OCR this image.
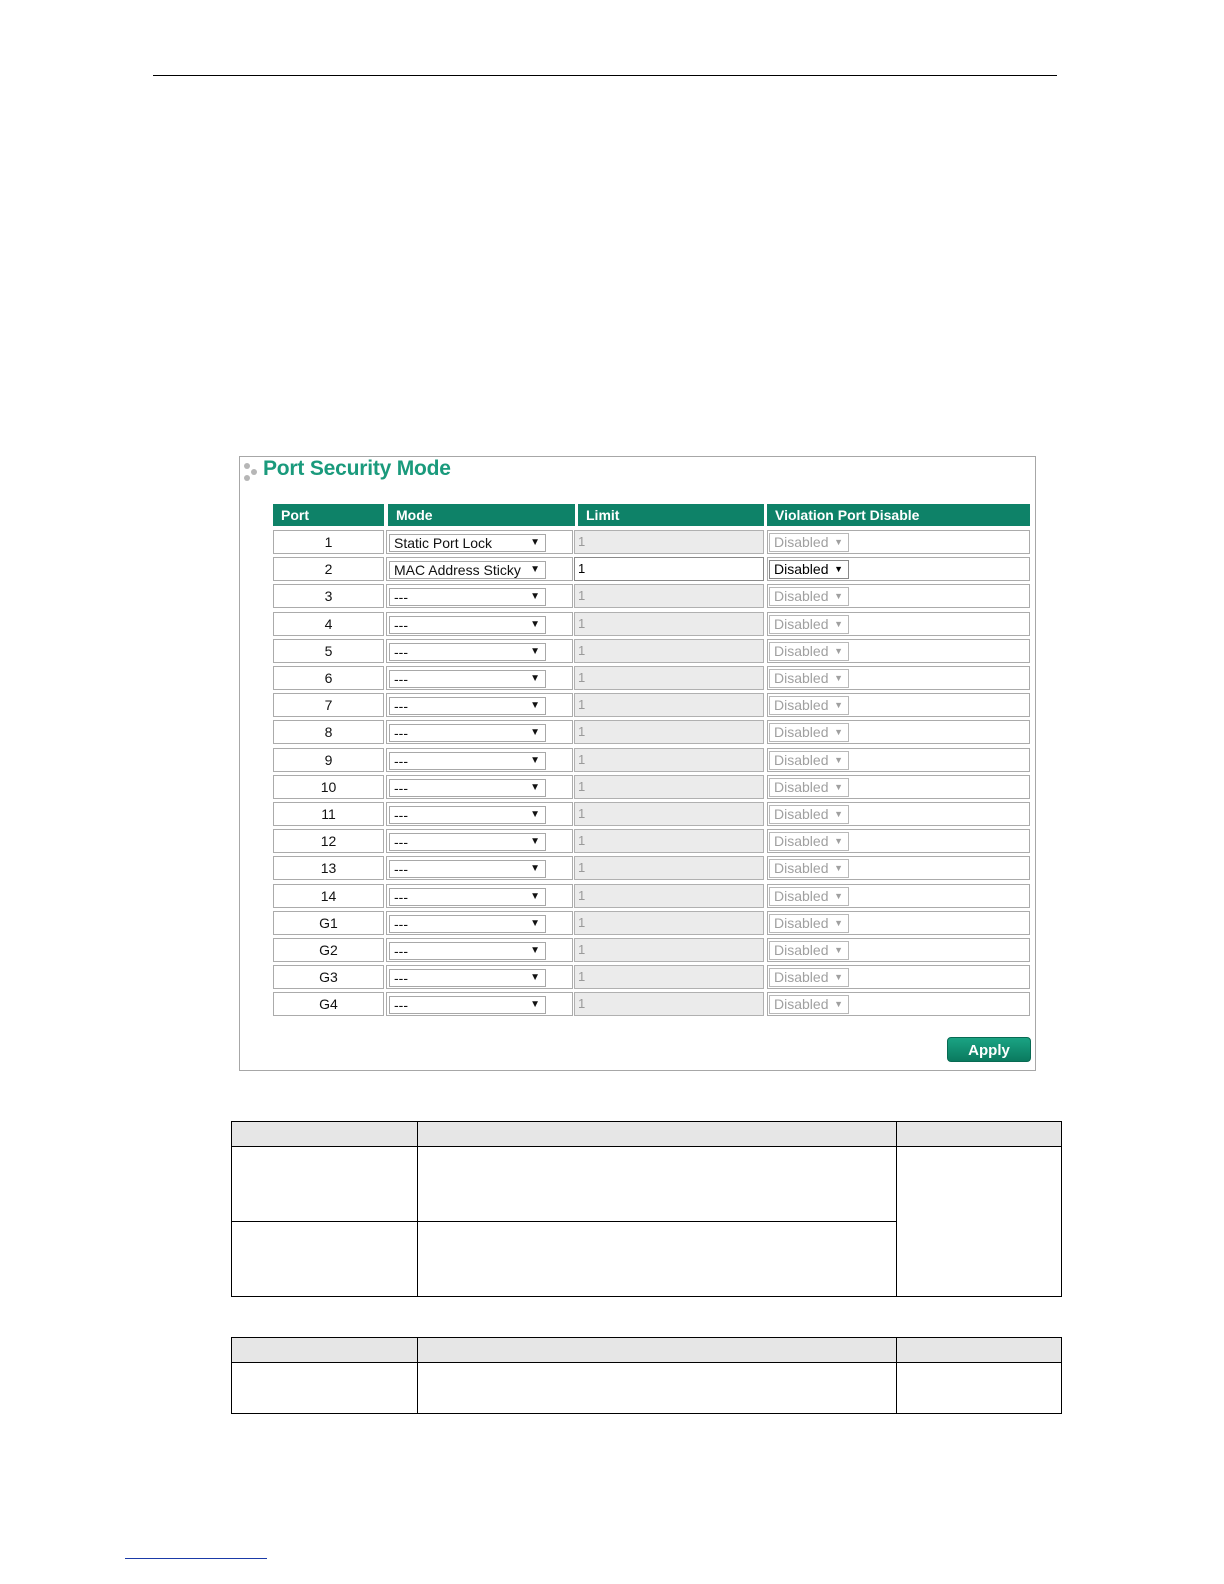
Port Security Mode
Port	Mode	Limit	Violation Port Disable
1	Static Port Lock	▼	1	Disabled ▼
2	MAC Address Sticky ▼	1	Disabled ▼
3	---	▼	1	Disabled ▼
4	---	▼	1	Disabled ▼
5	---	▼	1	Disabled ▼
6	---	▼	1	Disabled ▼
7	---	▼	1	Disabled ▼
8	---	▼	1	Disabled ▼
9	---	▼	1	Disabled ▼
10	---	▼	1	Disabled ▼
11	---	▼	1	Disabled ▼
12	---	▼	1	Disabled ▼
13	---	▼	1	Disabled ▼
14	---	▼	1	Disabled ▼
G1	---	▼	1	Disabled ▼
G2	---	▼	1	Disabled ▼
G3	---	▼	1	Disabled ▼
G4	---	▼	1	Disabled ▼
Apply
